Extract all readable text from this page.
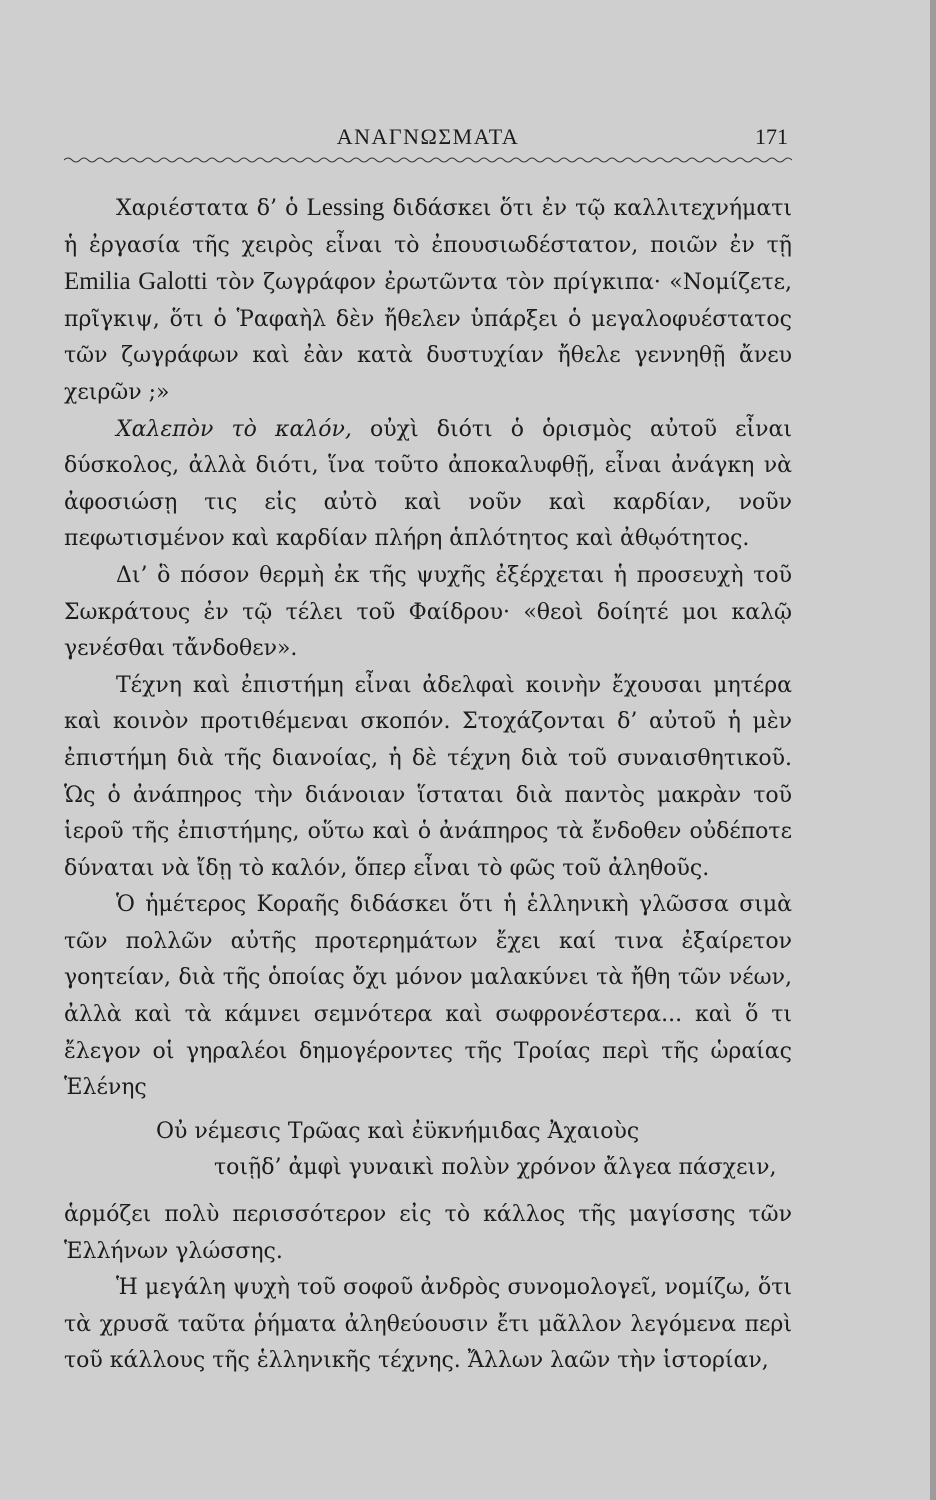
ΑΝΑΓΝΩΣΜΑΤΑ	171

Χαριέστατα δ’ ὁ Lessing διδάσκει ὅτι ἐν τῷ καλλιτεχνήματι ἡ ἐργασία τῆς χειρὸς εἶναι τὸ ἐπουσιωδέστατον, ποιῶν ἐν τῇ Emilia Galotti τὸν ζωγράφον ἐρωτῶντα τὸν πρίγκιπα· «Νομίζετε, πρῖγκιψ, ὅτι ὁ Ῥαφαὴλ δὲν ἤθελεν ὑπάρξει ὁ μεγαλοφυέστατος τῶν ζωγράφων καὶ ἐὰν κατὰ δυστυχίαν ἤθελε γεννηθῇ ἄνευ χειρῶν ;»

Χαλεπὸν τὸ καλόν, οὐχὶ διότι ὁ ὁρισμὸς αὐτοῦ εἶναι δύσκολος, ἀλλὰ διότι, ἵνα τοῦτο ἀποκαλυφθῇ, εἶναι ἀνάγκη νὰ ἀφοσιώσῃ τις εἰς αὐτὸ καὶ νοῦν καὶ καρδίαν, νοῦν πεφωτισμένον καὶ καρδίαν πλήρη ἁπλότητος καὶ ἀθῳότητος.

Δι’ ὃ πόσον θερμὴ ἐκ τῆς ψυχῆς ἐξέρχεται ἡ προσευχὴ τοῦ Σωκράτους ἐν τῷ τέλει τοῦ Φαίδρου· «θεοὶ δοίητέ μοι καλῷ γενέσθαι τἄνδοθεν».

Τέχνη καὶ ἐπιστήμη εἶναι ἀδελφαὶ κοινὴν ἔχουσαι μητέρα καὶ κοινὸν προτιθέμεναι σκοπόν. Στοχάζονται δ’ αὐτοῦ ἡ μὲν ἐπιστήμη διὰ τῆς διανοίας, ἡ δὲ τέχνη διὰ τοῦ συναισθητικοῦ. Ὡς ὁ ἀνάπηρος τὴν διάνοιαν ἵσταται διὰ παντὸς μακρὰν τοῦ ἱεροῦ τῆς ἐπιστήμης, οὕτω καὶ ὁ ἀνάπηρος τὰ ἔνδοθεν οὐδέποτε δύναται νὰ ἴδῃ τὸ καλόν, ὅπερ εἶναι τὸ φῶς τοῦ ἀληθοῦς.

Ὁ ἡμέτερος Κοραῆς διδάσκει ὅτι ἡ ἑλληνικὴ γλῶσσα σιμὰ τῶν πολλῶν αὐτῆς προτερημάτων ἔχει καί τινα ἐξαίρετον γοητείαν, διὰ τῆς ὁποίας ὄχι μόνον μαλακύνει τὰ ἤθη τῶν νέων, ἀλλὰ καὶ τὰ κάμνει σεμνότερα καὶ σωφρονέστερα... καὶ ὅ τι ἔλεγον οἱ γηραλέοι δημογέροντες τῆς Τροίας περὶ τῆς ὡραίας Ἑλένης

Οὐ νέμεσις Τρῶας καὶ ἐϋκνήμιδας Ἀχαιοὺς

τοιῇδ’ ἀμφὶ γυναικὶ πολὺν χρόνον ἄλγεα πάσχειν,

ἁρμόζει πολὺ περισσότερον εἰς τὸ κάλλος τῆς μαγίσσης τῶν Ἑλλήνων γλώσσης.

Ἡ μεγάλη ψυχὴ τοῦ σοφοῦ ἀνδρὸς συνομολογεῖ, νομίζω, ὅτι τὰ χρυσᾶ ταῦτα ῥήματα ἀληθεύουσιν ἔτι μᾶλλον λεγόμενα περὶ τοῦ κάλλους τῆς ἑλληνικῆς τέχνης. Ἄλλων λαῶν τὴν ἱστορίαν,
